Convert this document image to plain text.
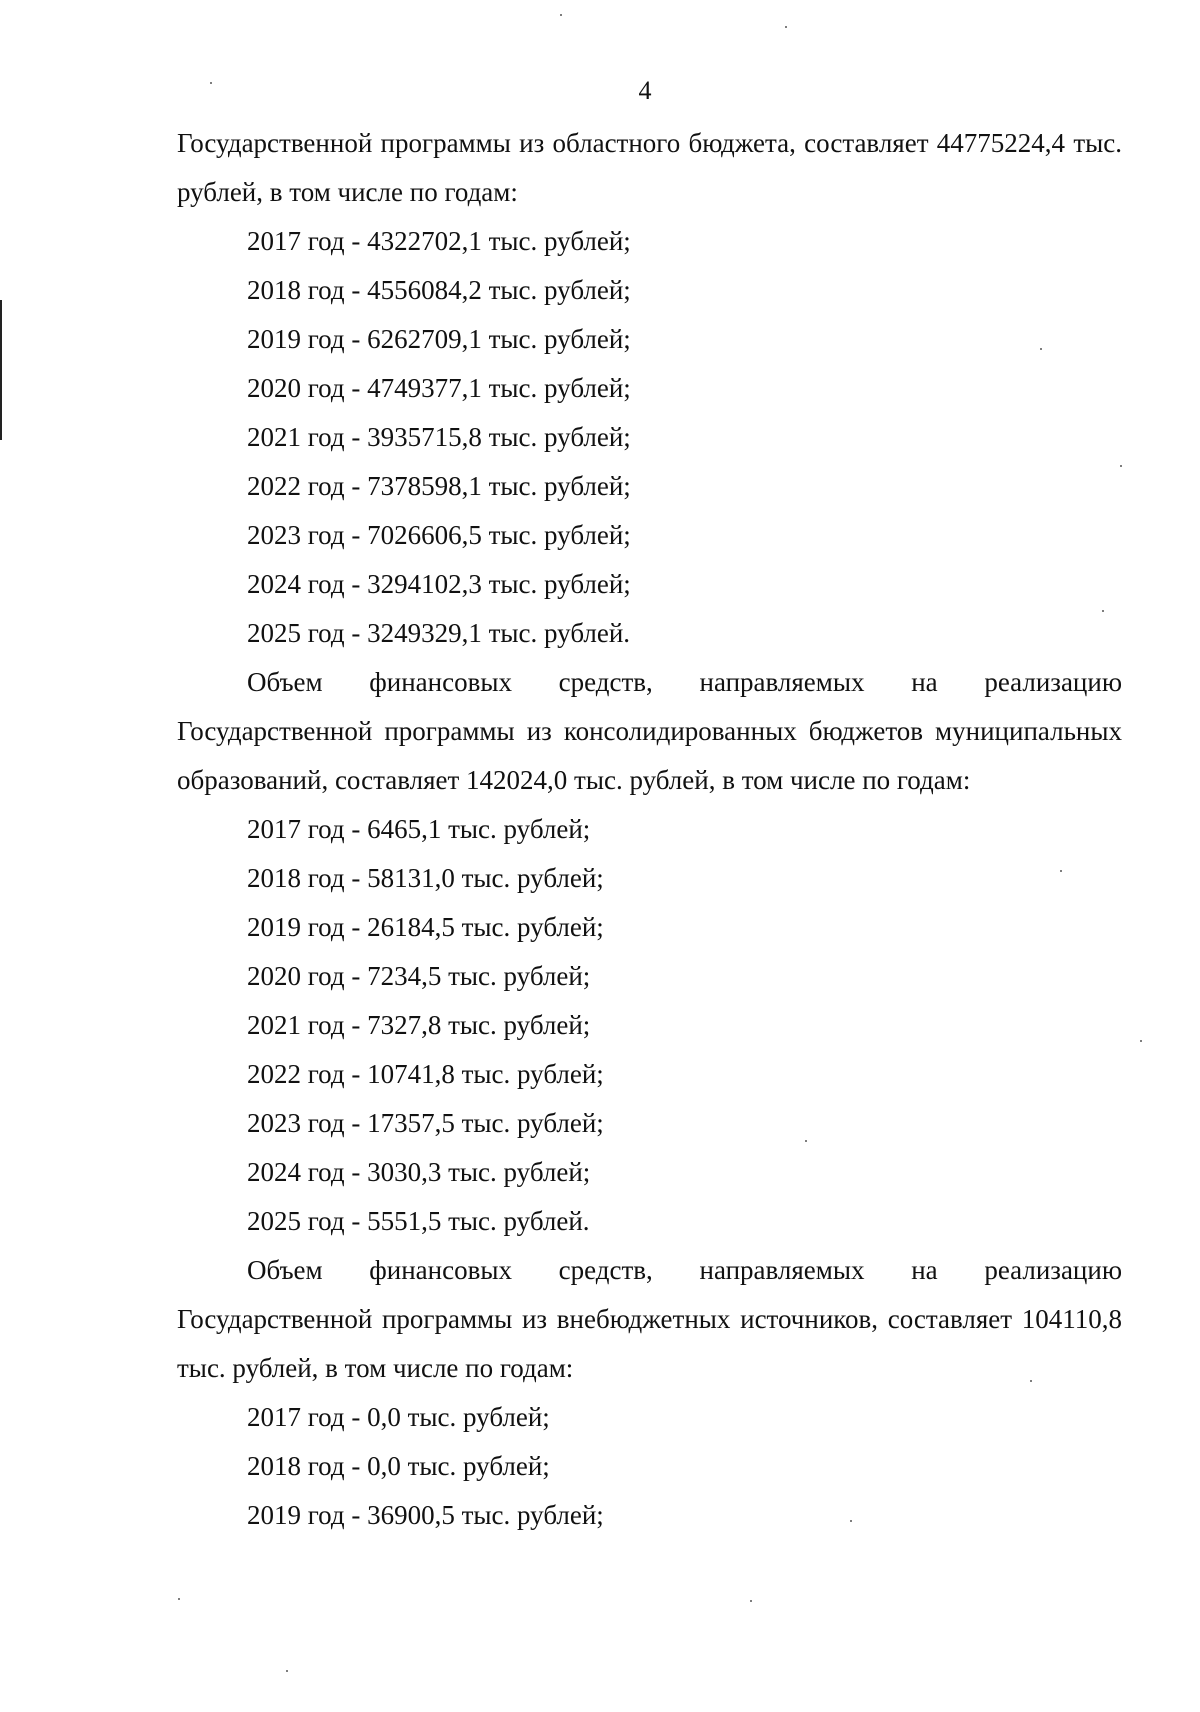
4

Государственной программы из областного бюджета, составляет 44775224,4 тыс. рублей, в том числе по годам:

2017 год - 4322702,1 тыс. рублей;
2018 год - 4556084,2 тыс. рублей;
2019 год - 6262709,1 тыс. рублей;
2020 год - 4749377,1 тыс. рублей;
2021 год - 3935715,8 тыс. рублей;
2022 год - 7378598,1 тыс. рублей;
2023 год - 7026606,5 тыс. рублей;
2024 год - 3294102,3 тыс. рублей;
2025 год - 3249329,1 тыс. рублей.

Объем финансовых средств, направляемых на реализацию Государственной программы из консолидированных бюджетов муниципальных образований, составляет 142024,0 тыс. рублей, в том числе по годам:

2017 год - 6465,1 тыс. рублей;
2018 год - 58131,0 тыс. рублей;
2019 год - 26184,5 тыс. рублей;
2020 год - 7234,5 тыс. рублей;
2021 год - 7327,8 тыс. рублей;
2022 год - 10741,8 тыс. рублей;
2023 год - 17357,5 тыс. рублей;
2024 год - 3030,3 тыс. рублей;
2025 год - 5551,5 тыс. рублей.

Объем финансовых средств, направляемых на реализацию Государственной программы из внебюджетных источников, составляет 104110,8 тыс. рублей, в том числе по годам:

2017 год - 0,0 тыс. рублей;
2018 год - 0,0 тыс. рублей;
2019 год - 36900,5 тыс. рублей;
